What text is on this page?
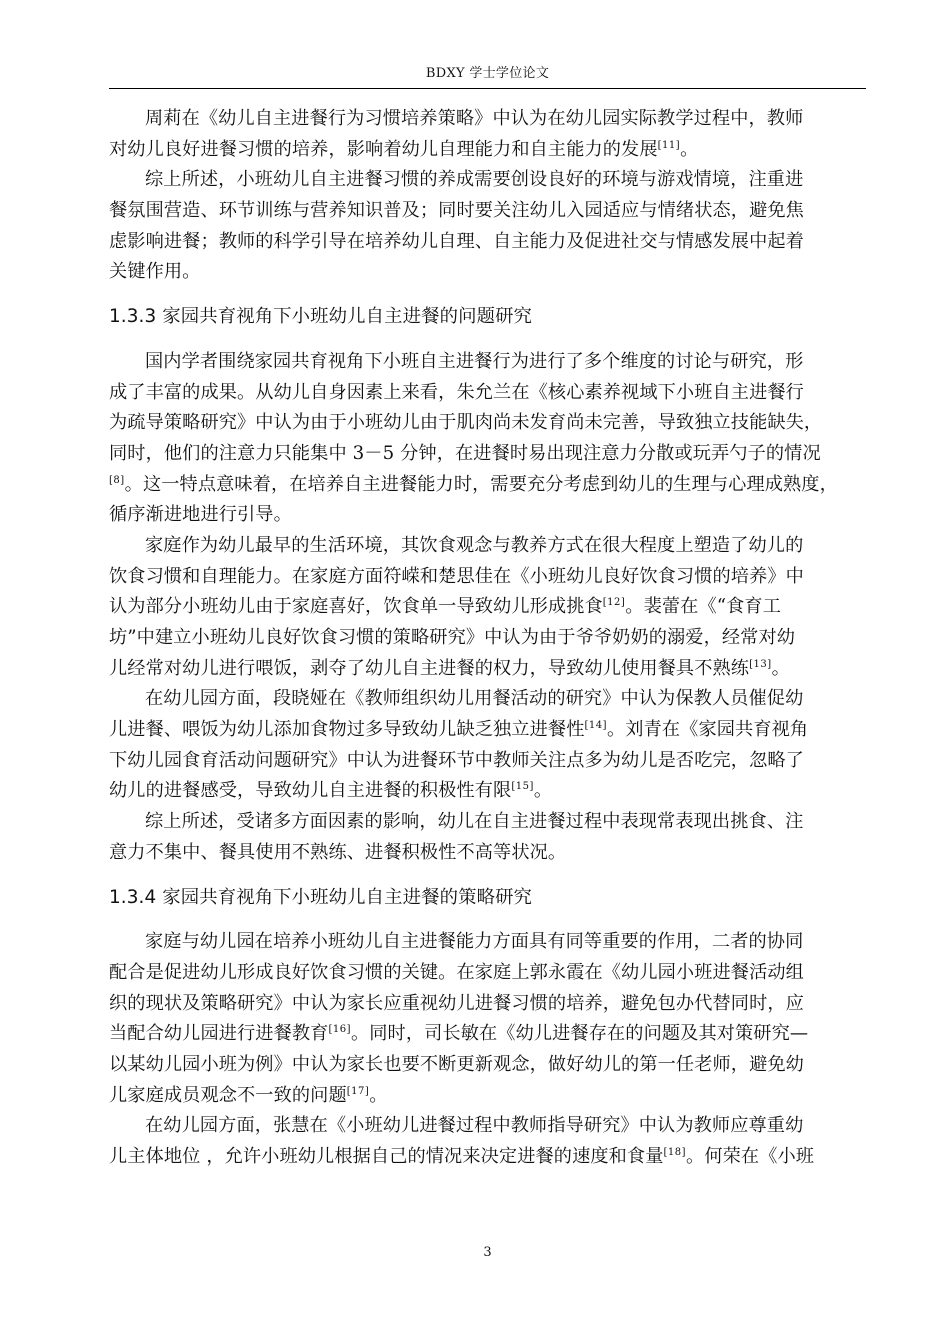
BDXY 学士学位论文
周莉在《幼儿自主进餐行为习惯培养策略》中认为在幼儿园实际教学过程中，教师
对幼儿良好进餐习惯的培养，影响着幼儿自理能力和自主能力的发展[11]。
综上所述，小班幼儿自主进餐习惯的养成需要创设良好的环境与游戏情境，注重进
餐氛围营造、环节训练与营养知识普及；同时要关注幼儿入园适应与情绪状态，避免焦
虑影响进餐；教师的科学引导在培养幼儿自理、自主能力及促进社交与情感发展中起着
关键作用。
1.3.3 家园共育视角下小班幼儿自主进餐的问题研究
国内学者围绕家园共育视角下小班自主进餐行为进行了多个维度的讨论与研究，形
成了丰富的成果。从幼儿自身因素上来看，朱允兰在《核心素养视域下小班自主进餐行
为疏导策略研究》中认为由于小班幼儿由于肌肉尚未发育尚未完善，导致独立技能缺失，
同时，他们的注意力只能集中 3－5 分钟，在进餐时易出现注意力分散或玩弄勺子的情况
[8]。这一特点意味着，在培养自主进餐能力时，需要充分考虑到幼儿的生理与心理成熟度，
循序渐进地进行引导。
家庭作为幼儿最早的生活环境，其饮食观念与教养方式在很大程度上塑造了幼儿的
饮食习惯和自理能力。在家庭方面符嵘和楚思佳在《小班幼儿良好饮食习惯的培养》中
认为部分小班幼儿由于家庭喜好，饮食单一导致幼儿形成挑食[12]。裴蕾在《“食育工
坊”中建立小班幼儿良好饮食习惯的策略研究》中认为由于爷爷奶奶的溺爱，经常对幼
儿经常对幼儿进行喂饭，剥夺了幼儿自主进餐的权力，导致幼儿使用餐具不熟练[13]。
在幼儿园方面，段晓娅在《教师组织幼儿用餐活动的研究》中认为保教人员催促幼
儿进餐、喂饭为幼儿添加食物过多导致幼儿缺乏独立进餐性[14]。刘青在《家园共育视角
下幼儿园食育活动问题研究》中认为进餐环节中教师关注点多为幼儿是否吃完，忽略了
幼儿的进餐感受，导致幼儿自主进餐的积极性有限[15]。
综上所述，受诸多方面因素的影响，幼儿在自主进餐过程中表现常表现出挑食、注
意力不集中、餐具使用不熟练、进餐积极性不高等状况。
1.3.4 家园共育视角下小班幼儿自主进餐的策略研究
家庭与幼儿园在培养小班幼儿自主进餐能力方面具有同等重要的作用，二者的协同
配合是促进幼儿形成良好饮食习惯的关键。在家庭上郭永霞在《幼儿园小班进餐活动组
织的现状及策略研究》中认为家长应重视幼儿进餐习惯的培养，避免包办代替同时，应
当配合幼儿园进行进餐教育[16]。同时，司长敏在《幼儿进餐存在的问题及其对策研究—
以某幼儿园小班为例》中认为家长也要不断更新观念，做好幼儿的第一任老师，避免幼
儿家庭成员观念不一致的问题[17]。
在幼儿园方面，张慧在《小班幼儿进餐过程中教师指导研究》中认为教师应尊重幼
儿主体地位 ，允许小班幼儿根据自己的情况来决定进餐的速度和食量[18]。何荣在《小班
3
